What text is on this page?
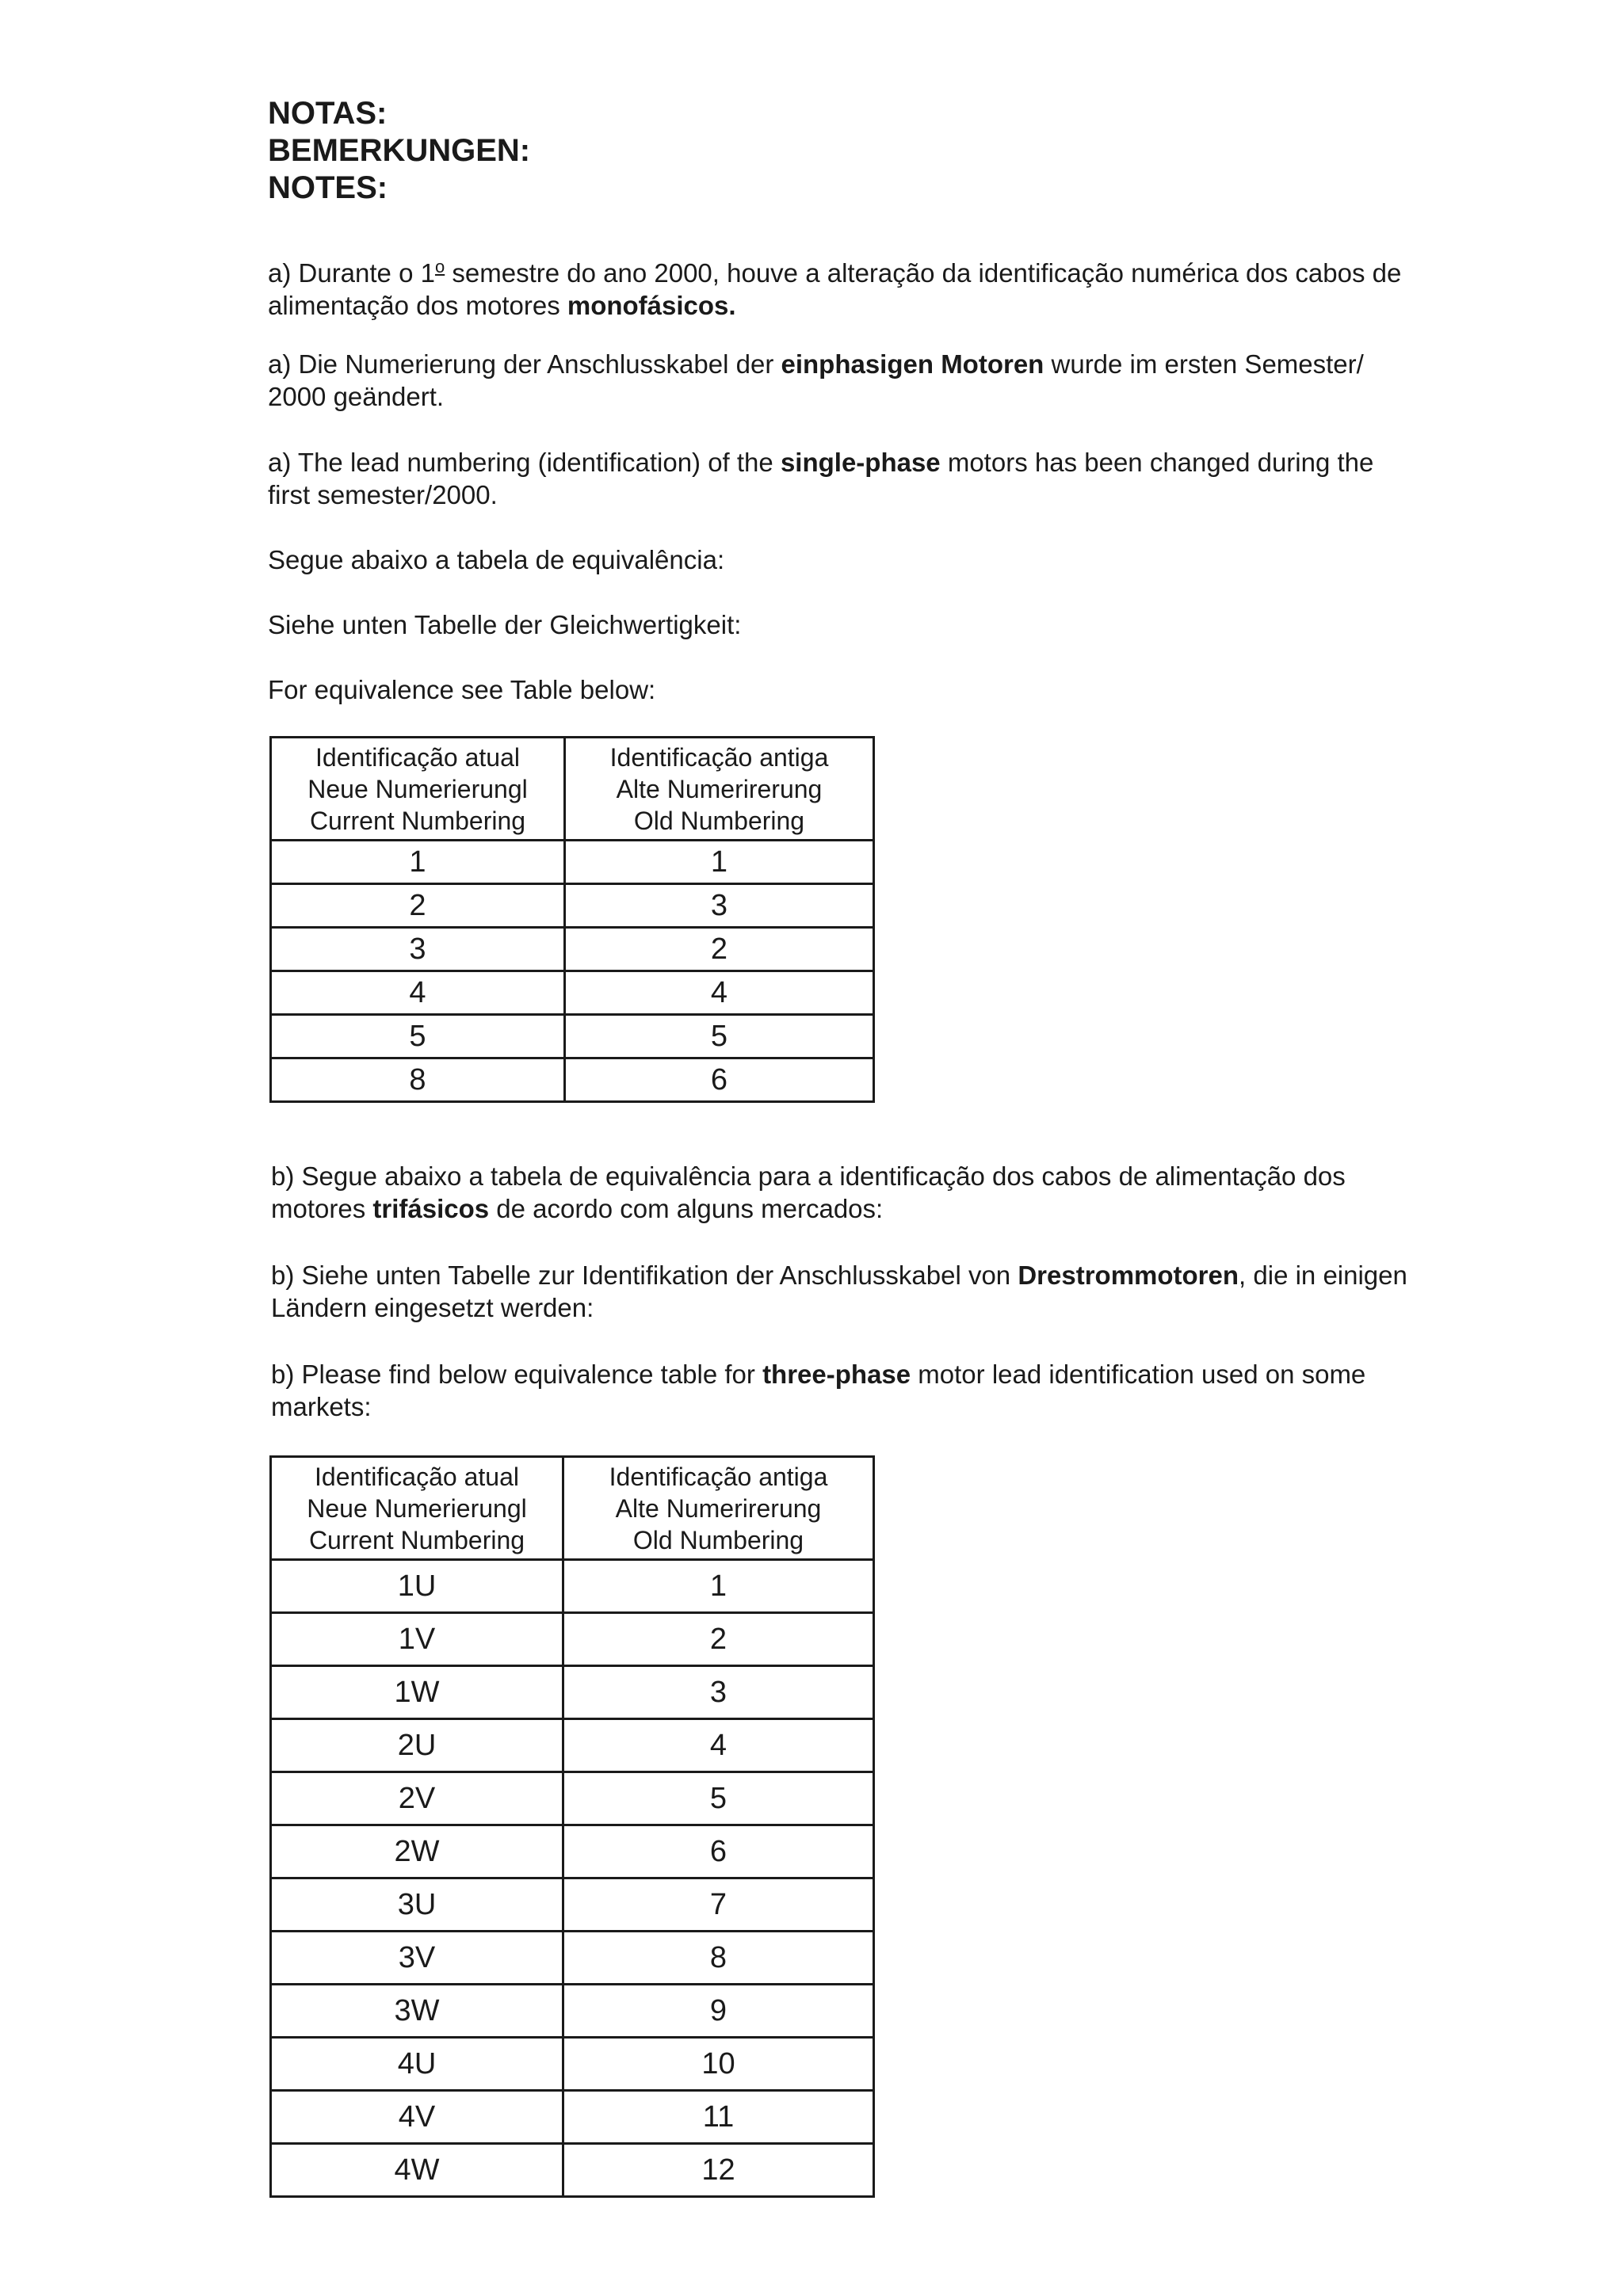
NOTAS:
BEMERKUNGEN:
NOTES:

a) Durante o 1$^o$ semestre do ano 2000, houve a alteração da identificação numérica dos cabos de
alimentação dos motores monofásicos.

a) Die Numerierung der Anschlusskabel der einphasigen Motoren wurde im ersten Semester/
2000 geändert.

a) The lead numbering (identification) of the single-phase motors has been changed during the
first semester/2000.

Segue abaixo a tabela de equivalência:

Siehe unten Tabelle der Gleichwertigkeit:

For equivalence see Table below:

Identificação atual
Neue Numerierungl
Current Numbering	Identificação antiga
Alte Numerirerung
Old Numbering

1	1
2	3
3	2
4	4
5	5
8	6

b) Segue abaixo a tabela de equivalência para a identificação dos cabos de alimentação dos
motores trifásicos de acordo com alguns mercados:

b) Siehe unten Tabelle zur Identifikation der Anschlusskabel von Drestrommotoren, die in einigen
Ländern eingesetzt werden:

b) Please find below equivalence table for three-phase motor lead identification used on some
markets:

Identificação atual
Neue Numerierungl
Current Numbering	Identificação antiga
Alte Numerirerung
Old Numbering

1U	1
1V	2
1W	3
2U	4
2V	5
2W	6
3U	7
3V	8
3W	9
4U	10
4V	11
4W	12
